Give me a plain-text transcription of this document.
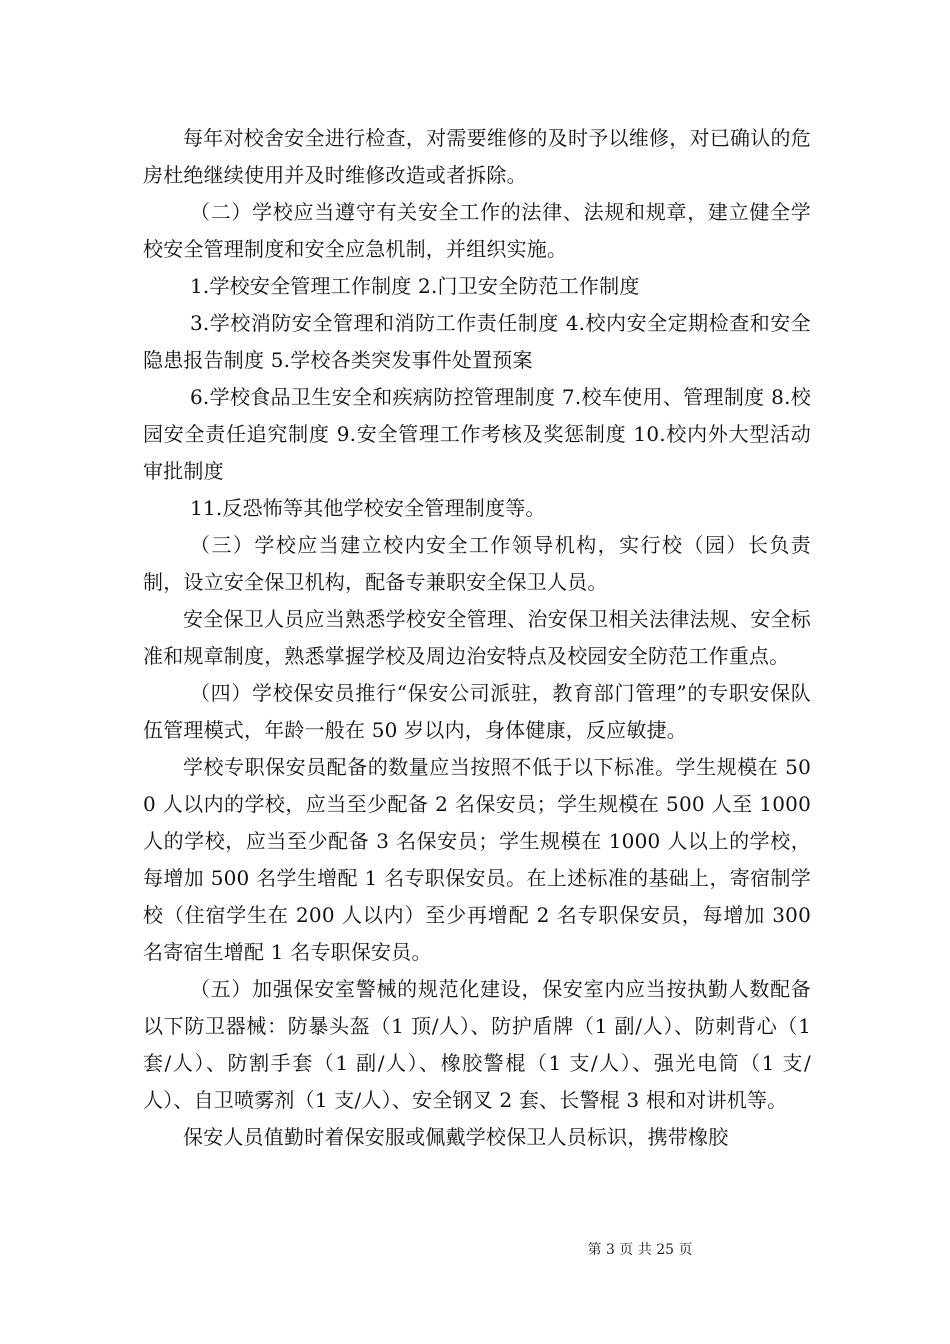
每年对校舍安全进行检查，对需要维修的及时予以维修，对已确认的危房杜绝继续使用并及时维修改造或者拆除。

（二）学校应当遵守有关安全工作的法律、法规和规章，建立健全学校安全管理制度和安全应急机制，并组织实施。

1.学校安全管理工作制度 2.门卫安全防范工作制度

3.学校消防安全管理和消防工作责任制度 4.校内安全定期检查和安全隐患报告制度 5.学校各类突发事件处置预案

6.学校食品卫生安全和疾病防控管理制度 7.校车使用、管理制度 8.校园安全责任追究制度 9.安全管理工作考核及奖惩制度 10.校内外大型活动审批制度

11.反恐怖等其他学校安全管理制度等。

（三）学校应当建立校内安全工作领导机构，实行校（园）长负责制，设立安全保卫机构，配备专兼职安全保卫人员。

安全保卫人员应当熟悉学校安全管理、治安保卫相关法律法规、安全标准和规章制度，熟悉掌握学校及周边治安特点及校园安全防范工作重点。

（四）学校保安员推行“保安公司派驻，教育部门管理”的专职安保队伍管理模式，年龄一般在 50 岁以内，身体健康，反应敏捷。

学校专职保安员配备的数量应当按照不低于以下标准。学生规模在 500 人以内的学校，应当至少配备 2 名保安员；学生规模在 500 人至 1000 人的学校，应当至少配备 3 名保安员；学生规模在 1000 人以上的学校，每增加 500 名学生增配 1 名专职保安员。在上述标准的基础上，寄宿制学校（住宿学生在 200 人以内）至少再增配 2 名专职保安员，每增加 300 名寄宿生增配 1 名专职保安员。

（五）加强保安室警械的规范化建设，保安室内应当按执勤人数配备以下防卫器械：防暴头盔（1 顶/人）、防护盾牌（1 副/人）、防刺背心（1 套/人）、防割手套（1 副/人）、橡胶警棍（1 支/人）、强光电筒（1 支/人）、自卫喷雾剂（1 支/人）、安全钢叉 2 套、长警棍 3 根和对讲机等。

保安人员值勤时着保安服或佩戴学校保卫人员标识，携带橡胶

第 3 页 共 25 页
